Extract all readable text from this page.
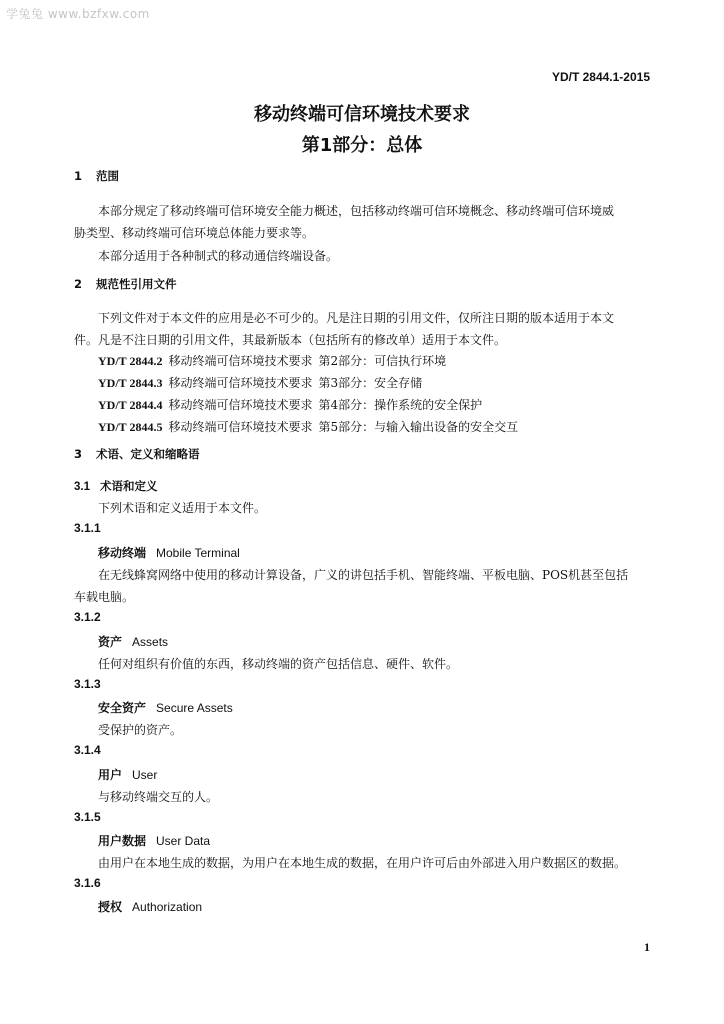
学兔兔 www.bzfxw.com
YD/T 2844.1-2015
移动终端可信环境技术要求
第1部分：总体
1 范围
本部分规定了移动终端可信环境安全能力概述，包括移动终端可信环境概念、移动终端可信环境威
胁类型、移动终端可信环境总体能力要求等。
本部分适用于各种制式的移动通信终端设备。
2 规范性引用文件
下列文件对于本文件的应用是必不可少的。凡是注日期的引用文件，仅所注日期的版本适用于本文
件。凡是不注日期的引用文件，其最新版本（包括所有的修改单）适用于本文件。
YD/T 2844.2 移动终端可信环境技术要求 第2部分：可信执行环境
YD/T 2844.3 移动终端可信环境技术要求 第3部分：安全存储
YD/T 2844.4 移动终端可信环境技术要求 第4部分：操作系统的安全保护
YD/T 2844.5 移动终端可信环境技术要求 第5部分：与输入输出设备的安全交互
3 术语、定义和缩略语
3.1 术语和定义
下列术语和定义适用于本文件。
3.1.1
移动终端 Mobile Terminal
在无线蜂窝网络中使用的移动计算设备，广义的讲包括手机、智能终端、平板电脑、POS机甚至包括
车载电脑。
3.1.2
资产 Assets
任何对组织有价值的东西，移动终端的资产包括信息、硬件、软件。
3.1.3
安全资产 Secure Assets
受保护的资产。
3.1.4
用户 User
与移动终端交互的人。
3.1.5
用户数据 User Data
由用户在本地生成的数据，为用户在本地生成的数据，在用户许可后由外部进入用户数据区的数据。
3.1.6
授权 Authorization
1
